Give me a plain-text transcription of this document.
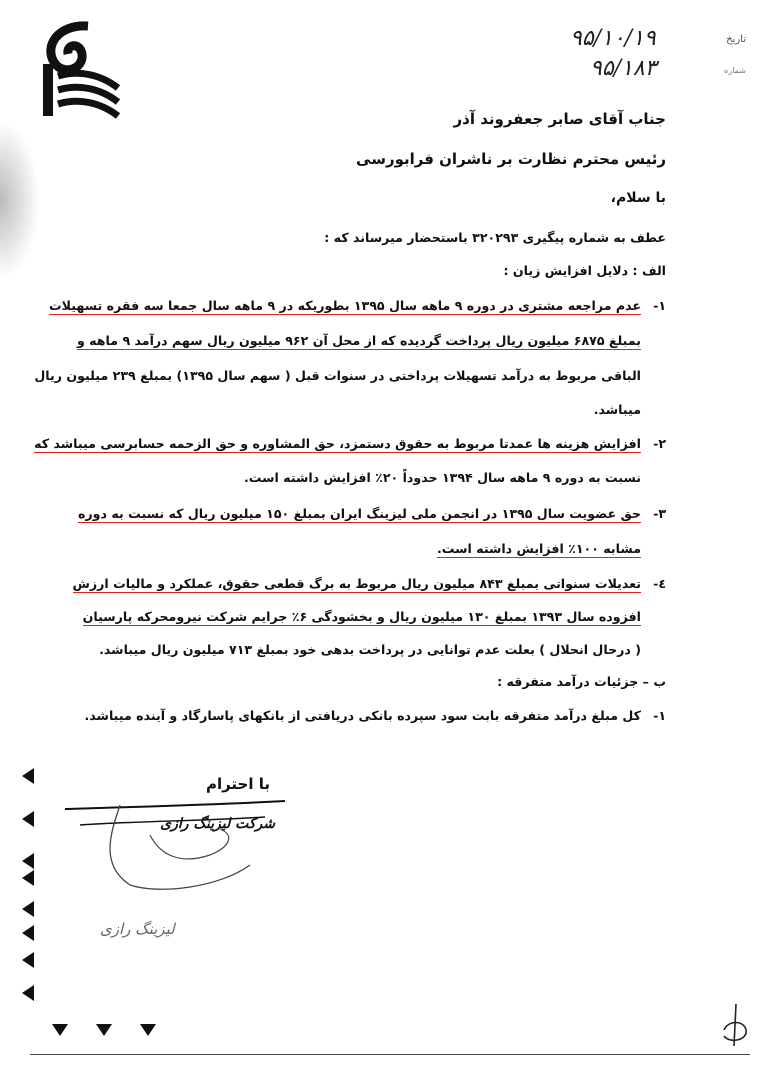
۹۵/۱۰/۱۹	تاریخ
۹۵/۱۸۳	شماره
جناب آقای صابر جعفروند آذر
رئیس محترم نظارت بر ناشران فرابورسی
با سلام،
عطف به شماره پیگیری ۳۲۰۲۹۳ باستحضار میرساند که :
الف : دلایل افزایش زیان :
۱-
عدم مراجعه مشتری در دوره ۹ ماهه سال ۱۳۹۵ بطوریکه در ۹ ماهه سال جمعا سه فقره تسهیلات
بمبلغ ۶۸۷۵ میلیون ریال پرداخت گردیده که از محل آن ۹۶۲ میلیون ریال سهم درآمد ۹ ماهه و
الباقی مربوط به درآمد تسهیلات پرداختی در سنوات قبل ( سهم سال ۱۳۹۵) بمبلغ ۲۳۹ میلیون ریال
میباشد.
۲-
افزایش هزینه ها عمدتا مربوط به حقوق دستمزد، حق المشاوره و حق الزحمه حسابرسی میباشد که
نسبت به دوره ۹ ماهه سال ۱۳۹۴ حدوداً ۲۰٪ افزایش داشته است.
۳-
حق عضویت سال ۱۳۹۵ در انجمن ملی لیزینگ ایران بمبلغ ۱۵۰ میلیون ریال که نسبت به دوره
مشابه ۱۰۰٪ افزایش داشته است.
٤-
تعدیلات سنواتی بمبلغ ۸۴۳ میلیون ریال مربوط به برگ قطعی حقوق، عملکرد و مالیات ارزش
افزوده سال ۱۳۹۳ بمبلغ ۱۳۰ میلیون ریال و بخشودگی ۶٪ جرایم شرکت نیرومحرکه پارسیان
( درحال انحلال ) بعلت عدم توانایی در پرداخت بدهی خود بمبلغ ۷۱۳ میلیون ریال میباشد.
ب – جزئیات درآمد متفرقه :
۱-
کل مبلغ درآمد متفرقه بابت سود سپرده بانکی دریافتی از بانکهای پاسارگاد و آینده میباشد.
با احترام
شرکت لیزینگ رازی
لیزینگ رازی
